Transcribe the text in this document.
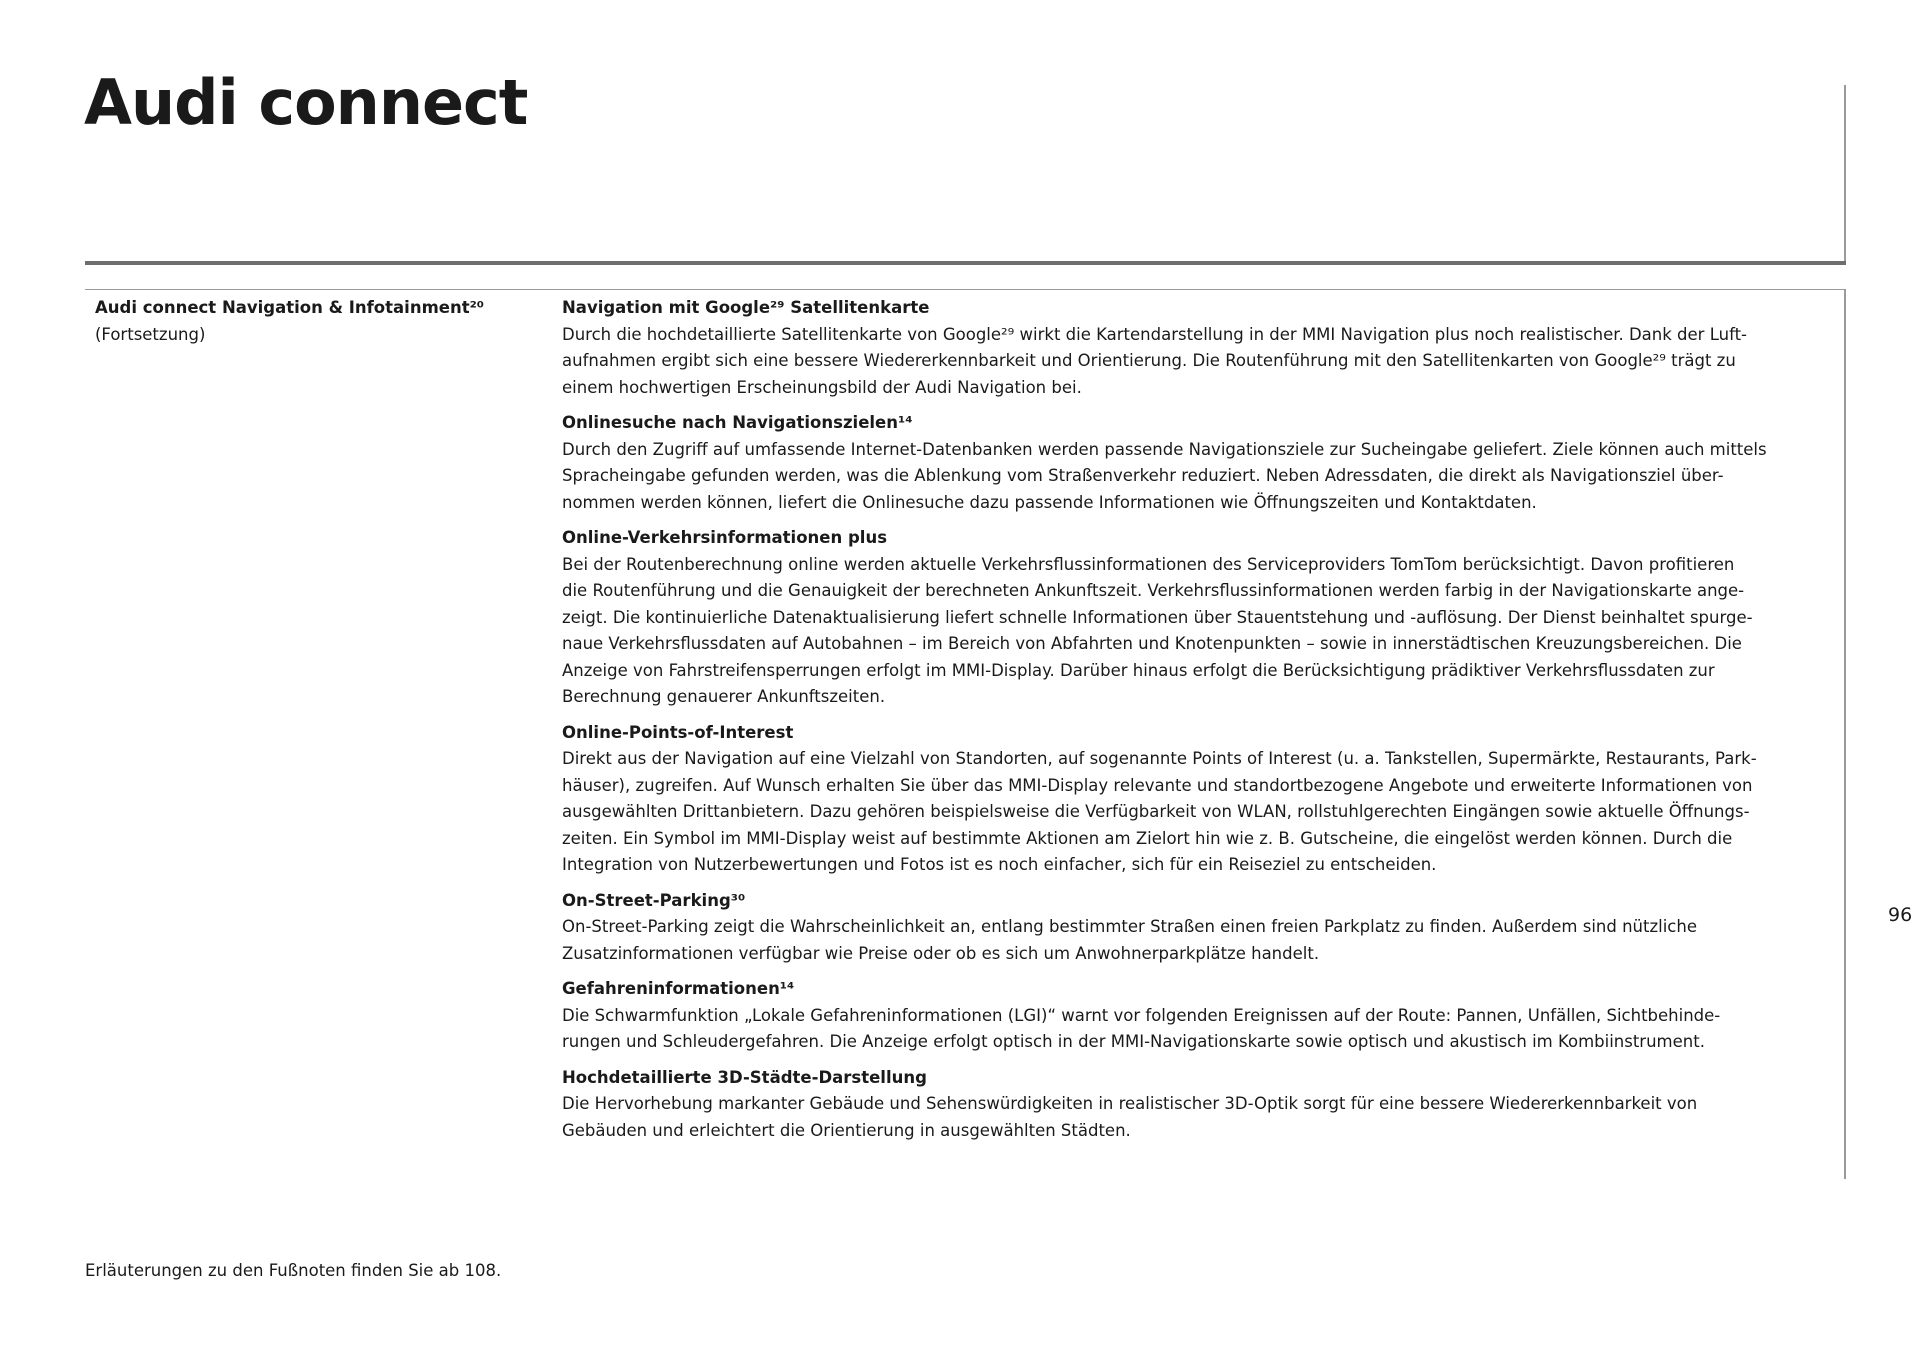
Audi connect
Audi connect Navigation & Infotainment²⁰
(Fortsetzung)
Navigation mit Google²⁹ Satellitenkarte
Durch die hochdetaillierte Satellitenkarte von Google²⁹ wirkt die Kartendarstellung in der MMI Navigation plus noch realistischer. Dank der Luft-
aufnahmen ergibt sich eine bessere Wiedererkennbarkeit und Orientierung. Die Routenführung mit den Satellitenkarten von Google²⁹ trägt zu
einem hochwertigen Erscheinungsbild der Audi Navigation bei.
Onlinesuche nach Navigationszielen¹⁴
Durch den Zugriff auf umfassende Internet-Datenbanken werden passende Navigationsziele zur Sucheingabe geliefert. Ziele können auch mittels
Spracheingabe gefunden werden, was die Ablenkung vom Straßenverkehr reduziert. Neben Adressdaten, die direkt als Navigationsziel über-
nommen werden können, liefert die Onlinesuche dazu passende Informationen wie Öffnungszeiten und Kontaktdaten.
Online-Verkehrsinformationen plus
Bei der Routenberechnung online werden aktuelle Verkehrsflussinformationen des Serviceproviders TomTom berücksichtigt. Davon profitieren
die Routenführung und die Genauigkeit der berechneten Ankunftszeit. Verkehrsflussinformationen werden farbig in der Navigationskarte ange-
zeigt. Die kontinuierliche Datenaktualisierung liefert schnelle Informationen über Stauentstehung und -auflösung. Der Dienst beinhaltet spurge-
naue Verkehrsflussdaten auf Autobahnen – im Bereich von Abfahrten und Knotenpunkten – sowie in innerstädtischen Kreuzungsbereichen. Die
Anzeige von Fahrstreifensperrungen erfolgt im MMI-Display. Darüber hinaus erfolgt die Berücksichtigung prädiktiver Verkehrsflussdaten zur
Berechnung genauerer Ankunftszeiten.
Online-Points-of-Interest
Direkt aus der Navigation auf eine Vielzahl von Standorten, auf sogenannte Points of Interest (u. a. Tankstellen, Supermärkte, Restaurants, Park-
häuser), zugreifen. Auf Wunsch erhalten Sie über das MMI-Display relevante und standortbezogene Angebote und erweiterte Informationen von
ausgewählten Drittanbietern. Dazu gehören beispielsweise die Verfügbarkeit von WLAN, rollstuhlgerechten Eingängen sowie aktuelle Öffnungs-
zeiten. Ein Symbol im MMI-Display weist auf bestimmte Aktionen am Zielort hin wie z. B. Gutscheine, die eingelöst werden können. Durch die
Integration von Nutzerbewertungen und Fotos ist es noch einfacher, sich für ein Reiseziel zu entscheiden.
On-Street-Parking³⁰
On-Street-Parking zeigt die Wahrscheinlichkeit an, entlang bestimmter Straßen einen freien Parkplatz zu finden. Außerdem sind nützliche
Zusatzinformationen verfügbar wie Preise oder ob es sich um Anwohnerparkplätze handelt.
Gefahreninformationen¹⁴
Die Schwarmfunktion „Lokale Gefahreninformationen (LGI)“ warnt vor folgenden Ereignissen auf der Route: Pannen, Unfällen, Sichtbehinde-
rungen und Schleudergefahren. Die Anzeige erfolgt optisch in der MMI-Navigationskarte sowie optisch und akustisch im Kombiinstrument.
Hochdetaillierte 3D-Städte-Darstellung
Die Hervorhebung markanter Gebäude und Sehenswürdigkeiten in realistischer 3D-Optik sorgt für eine bessere Wiedererkennbarkeit von
Gebäuden und erleichtert die Orientierung in ausgewählten Städten.
96
Erläuterungen zu den Fußnoten finden Sie ab 108.
